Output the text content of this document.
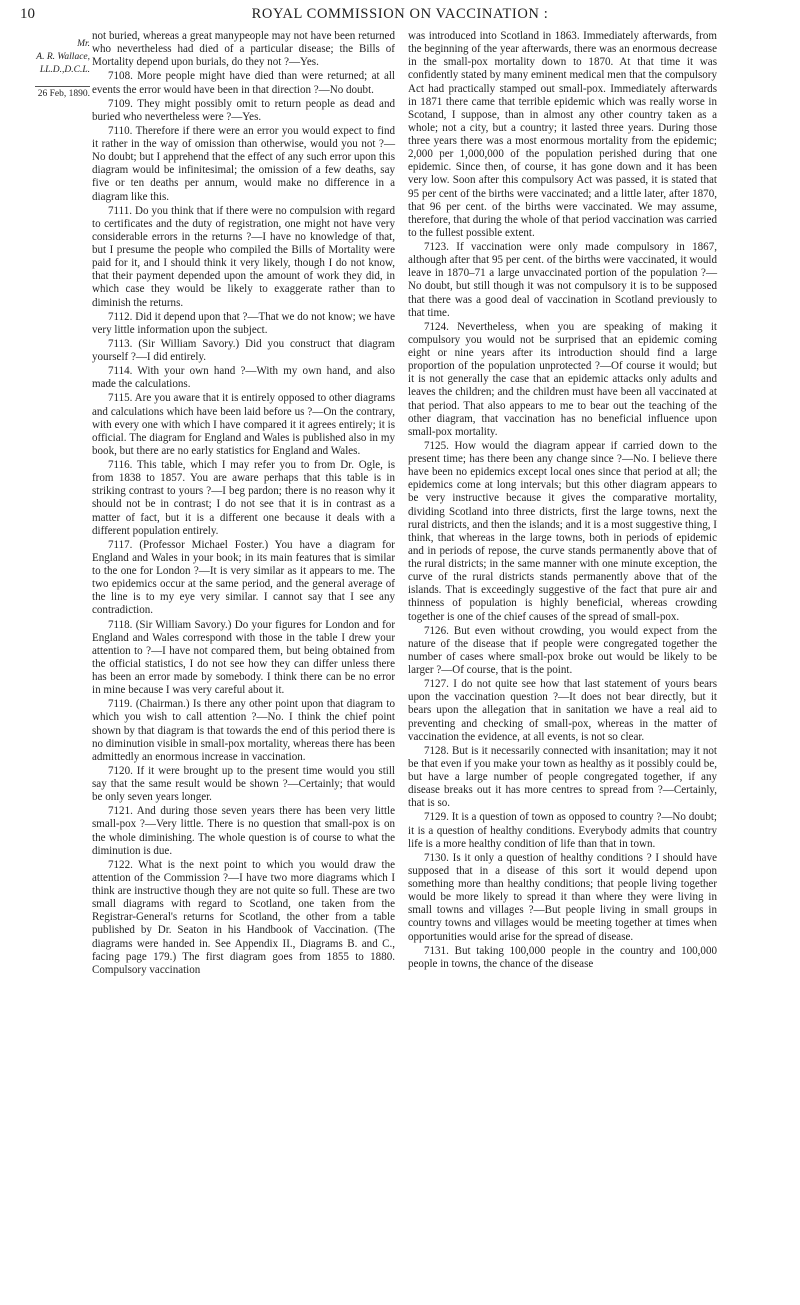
10	ROYAL COMMISSION ON VACCINATION :
Mr.
A. R. Wallace,
LL.D.,D.C.L.
26 Feb, 1890.

not buried, whereas a great manypeople may not have been returned who nevertheless had died of a particular disease; the Bills of Mortality depend upon burials, do they not ?—Yes.

7108. More people might have died than were returned; at all events the error would have been in that direction ?—No doubt.

7109. They might possibly omit to return people as dead and buried who nevertheless were ?—Yes.

7110. Therefore if there were an error you would expect to find it rather in the way of omission than otherwise, would you not ?—No doubt; but I apprehend that the effect of any such error upon this diagram would be infinitesimal; the omission of a few deaths, say five or ten deaths per annum, would make no difference in a diagram like this.

7111. Do you think that if there were no compulsion with regard to certificates and the duty of registration, one might not have very considerable errors in the returns ?—I have no knowledge of that, but I presume the people who compiled the Bills of Mortality were paid for it, and I should think it very likely, though I do not know, that their payment depended upon the amount of work they did, in which case they would be likely to exaggerate rather than to diminish the returns.

7112. Did it depend upon that ?—That we do not know; we have very little information upon the subject.

7113. (Sir William Savory.) Did you construct that diagram yourself ?—I did entirely.

7114. With your own hand ?—With my own hand, and also made the calculations.

7115. Are you aware that it is entirely opposed to other diagrams and calculations which have been laid before us ?—On the contrary, with every one with which I have compared it it agrees entirely; it is official. The diagram for England and Wales is published also in my book, but there are no early statistics for England and Wales.

7116. This table, which I may refer you to from Dr. Ogle, is from 1838 to 1857. You are aware perhaps that this table is in striking contrast to yours ?—I beg pardon; there is no reason why it should not be in contrast; I do not see that it is in contrast as a matter of fact, but it is a different one because it deals with a different population entirely.

7117. (Professor Michael Foster.) You have a diagram for England and Wales in your book; in its main features that is similar to the one for London ?—It is very similar as it appears to me. The two epidemics occur at the same period, and the general average of the line is to my eye very similar. I cannot say that I see any contradiction.

7118. (Sir William Savory.) Do your figures for London and for England and Wales correspond with those in the table I drew your attention to ?—I have not compared them, but being obtained from the official statistics, I do not see how they can differ unless there has been an error made by somebody. I think there can be no error in mine because I was very careful about it.

7119. (Chairman.) Is there any other point upon that diagram to which you wish to call attention ?—No. I think the chief point shown by that diagram is that towards the end of this period there is no diminution visible in small-pox mortality, whereas there has been admittedly an enormous increase in vaccination.

7120. If it were brought up to the present time would you still say that the same result would be shown ?—Certainly; that would be only seven years longer.

7121. And during those seven years there has been very little small-pox ?—Very little. There is no question that small-pox is on the whole diminishing. The whole question is of course to what the diminution is due.

7122. What is the next point to which you would draw the attention of the Commission ?—I have two more diagrams which I think are instructive though they are not quite so full. These are two small diagrams with regard to Scotland, one taken from the Registrar-General's returns for Scotland, the other from a table published by Dr. Seaton in his Handbook of Vaccination. (The diagrams were handed in. See Appendix II., Diagrams B. and C., facing page 179.) The first diagram goes from 1855 to 1880. Compulsory vaccination

was introduced into Scotland in 1863. Immediately afterwards, from the beginning of the year afterwards, there was an enormous decrease in the small-pox mortality down to 1870. At that time it was confidently stated by many eminent medical men that the compulsory Act had practically stamped out small-pox. Immediately afterwards in 1871 there came that terrible epidemic which was really worse in Scotand, I suppose, than in almost any other country taken as a whole; not a city, but a country; it lasted three years. During those three years there was a most enormous mortality from the epidemic; 2,000 per 1,000,000 of the population perished during that one epidemic. Since then, of course, it has gone down and it has been very low. Soon after this compulsory Act was passed, it is stated that 95 per cent of the births were vaccinated; and a little later, after 1870, that 96 per cent. of the births were vaccinated. We may assume, therefore, that during the whole of that period vaccination was carried to the fullest possible extent.

7123. If vaccination were only made compulsory in 1867, although after that 95 per cent. of the births were vaccinated, it would leave in 1870–71 a large unvaccinated portion of the population ?—No doubt, but still though it was not compulsory it is to be supposed that there was a good deal of vaccination in Scotland previously to that time.

7124. Nevertheless, when you are speaking of making it compulsory you would not be surprised that an epidemic coming eight or nine years after its introduction should find a large proportion of the population unprotected ?—Of course it would; but it is not generally the case that an epidemic attacks only adults and leaves the children; and the children must have been all vaccinated at that period. That also appears to me to bear out the teaching of the other diagram, that vaccination has no beneficial influence upon small-pox mortality.

7125. How would the diagram appear if carried down to the present time; has there been any change since ?—No. I believe there have been no epidemics except local ones since that period at all; the epidemics come at long intervals; but this other diagram appears to be very instructive because it gives the comparative mortality, dividing Scotland into three districts, first the large towns, next the rural districts, and then the islands; and it is a most suggestive thing, I think, that whereas in the large towns, both in periods of epidemic and in periods of repose, the curve stands permanently above that of the rural districts; in the same manner with one minute exception, the curve of the rural districts stands permanently above that of the islands. That is exceedingly suggestive of the fact that pure air and thinness of population is highly beneficial, whereas crowding together is one of the chief causes of the spread of small-pox.

7126. But even without crowding, you would expect from the nature of the disease that if people were congregated together the number of cases where small-pox broke out would be likely to be larger ?—Of course, that is the point.

7127. I do not quite see how that last statement of yours bears upon the vaccination question ?—It does not bear directly, but it bears upon the allegation that in sanitation we have a real aid to preventing and checking of small-pox, whereas in the matter of vaccination the evidence, at all events, is not so clear.

7128. But is it necessarily connected with insanitation; may it not be that even if you make your town as healthy as it possibly could be, but have a large number of people congregated together, if any disease breaks out it has more centres to spread from ?—Certainly, that is so.

7129. It is a question of town as opposed to country ?—No doubt; it is a question of healthy conditions. Everybody admits that country life is a more healthy condition of life than that in town.

7130. Is it only a question of healthy conditions ? I should have supposed that in a disease of this sort it would depend upon something more than healthy conditions; that people living together would be more likely to spread it than where they were living in small towns and villages ?—But people living in small groups in country towns and villages would be meeting together at times when opportunities would arise for the spread of disease.

7131. But taking 100,000 people in the country and 100,000 people in towns, the chance of the disease
